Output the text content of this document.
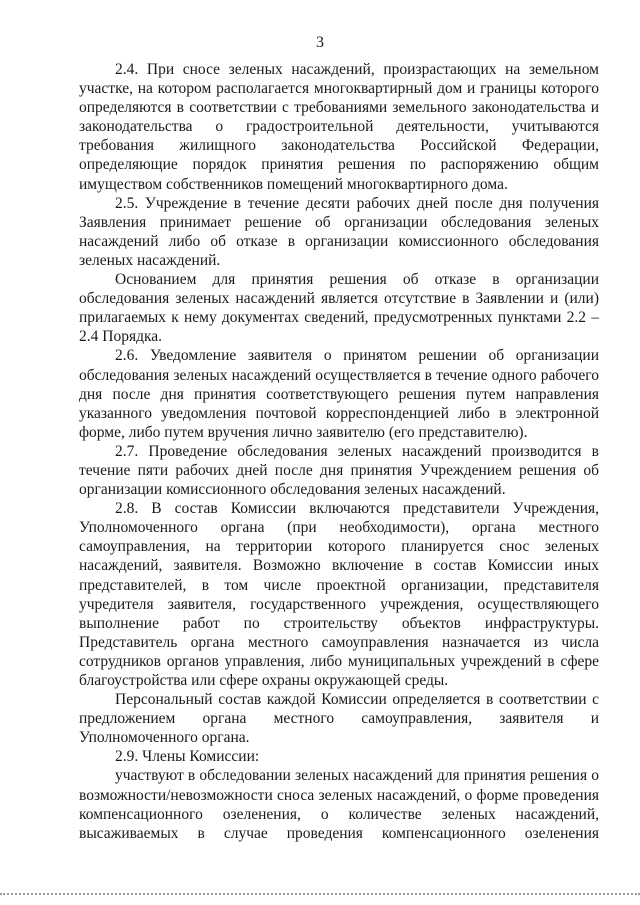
3

2.4. При сносе зеленых насаждений, произрастающих на земельном участке, на котором располагается многоквартирный дом и границы которого определяются в соответствии с требованиями земельного законодательства и законодательства о градостроительной деятельности, учитываются требования жилищного законодательства Российской Федерации, определяющие порядок принятия решения по распоряжению общим имуществом собственников помещений многоквартирного дома.

2.5. Учреждение в течение десяти рабочих дней после дня получения Заявления принимает решение об организации обследования зеленых насаждений либо об отказе в организации комиссионного обследования зеленых насаждений.

Основанием для принятия решения об отказе в организации обследования зеленых насаждений является отсутствие в Заявлении и (или) прилагаемых к нему документах сведений, предусмотренных пунктами 2.2 – 2.4 Порядка.

2.6. Уведомление заявителя о принятом решении об организации обследования зеленых насаждений осуществляется в течение одного рабочего дня после дня принятия соответствующего решения путем направления указанного уведомления почтовой корреспонденцией либо в электронной форме, либо путем вручения лично заявителю (его представителю).

2.7. Проведение обследования зеленых насаждений производится в течение пяти рабочих дней после дня принятия Учреждением решения об организации комиссионного обследования зеленых насаждений.

2.8. В состав Комиссии включаются представители Учреждения, Уполномоченного органа (при необходимости), органа местного самоуправления, на территории которого планируется снос зеленых насаждений, заявителя. Возможно включение в состав Комиссии иных представителей, в том числе проектной организации, представителя учредителя заявителя, государственного учреждения, осуществляющего выполнение работ по строительству объектов инфраструктуры. Представитель органа местного самоуправления назначается из числа сотрудников органов управления, либо муниципальных учреждений в сфере благоустройства или сфере охраны окружающей среды.

Персональный состав каждой Комиссии определяется в соответствии с предложением органа местного самоуправления, заявителя и Уполномоченного органа.

2.9. Члены Комиссии:

участвуют в обследовании зеленых насаждений для принятия решения о возможности/невозможности сноса зеленых насаждений, о форме проведения компенсационного озеленения, о количестве зеленых насаждений, высаживаемых в случае проведения компенсационного озеленения
